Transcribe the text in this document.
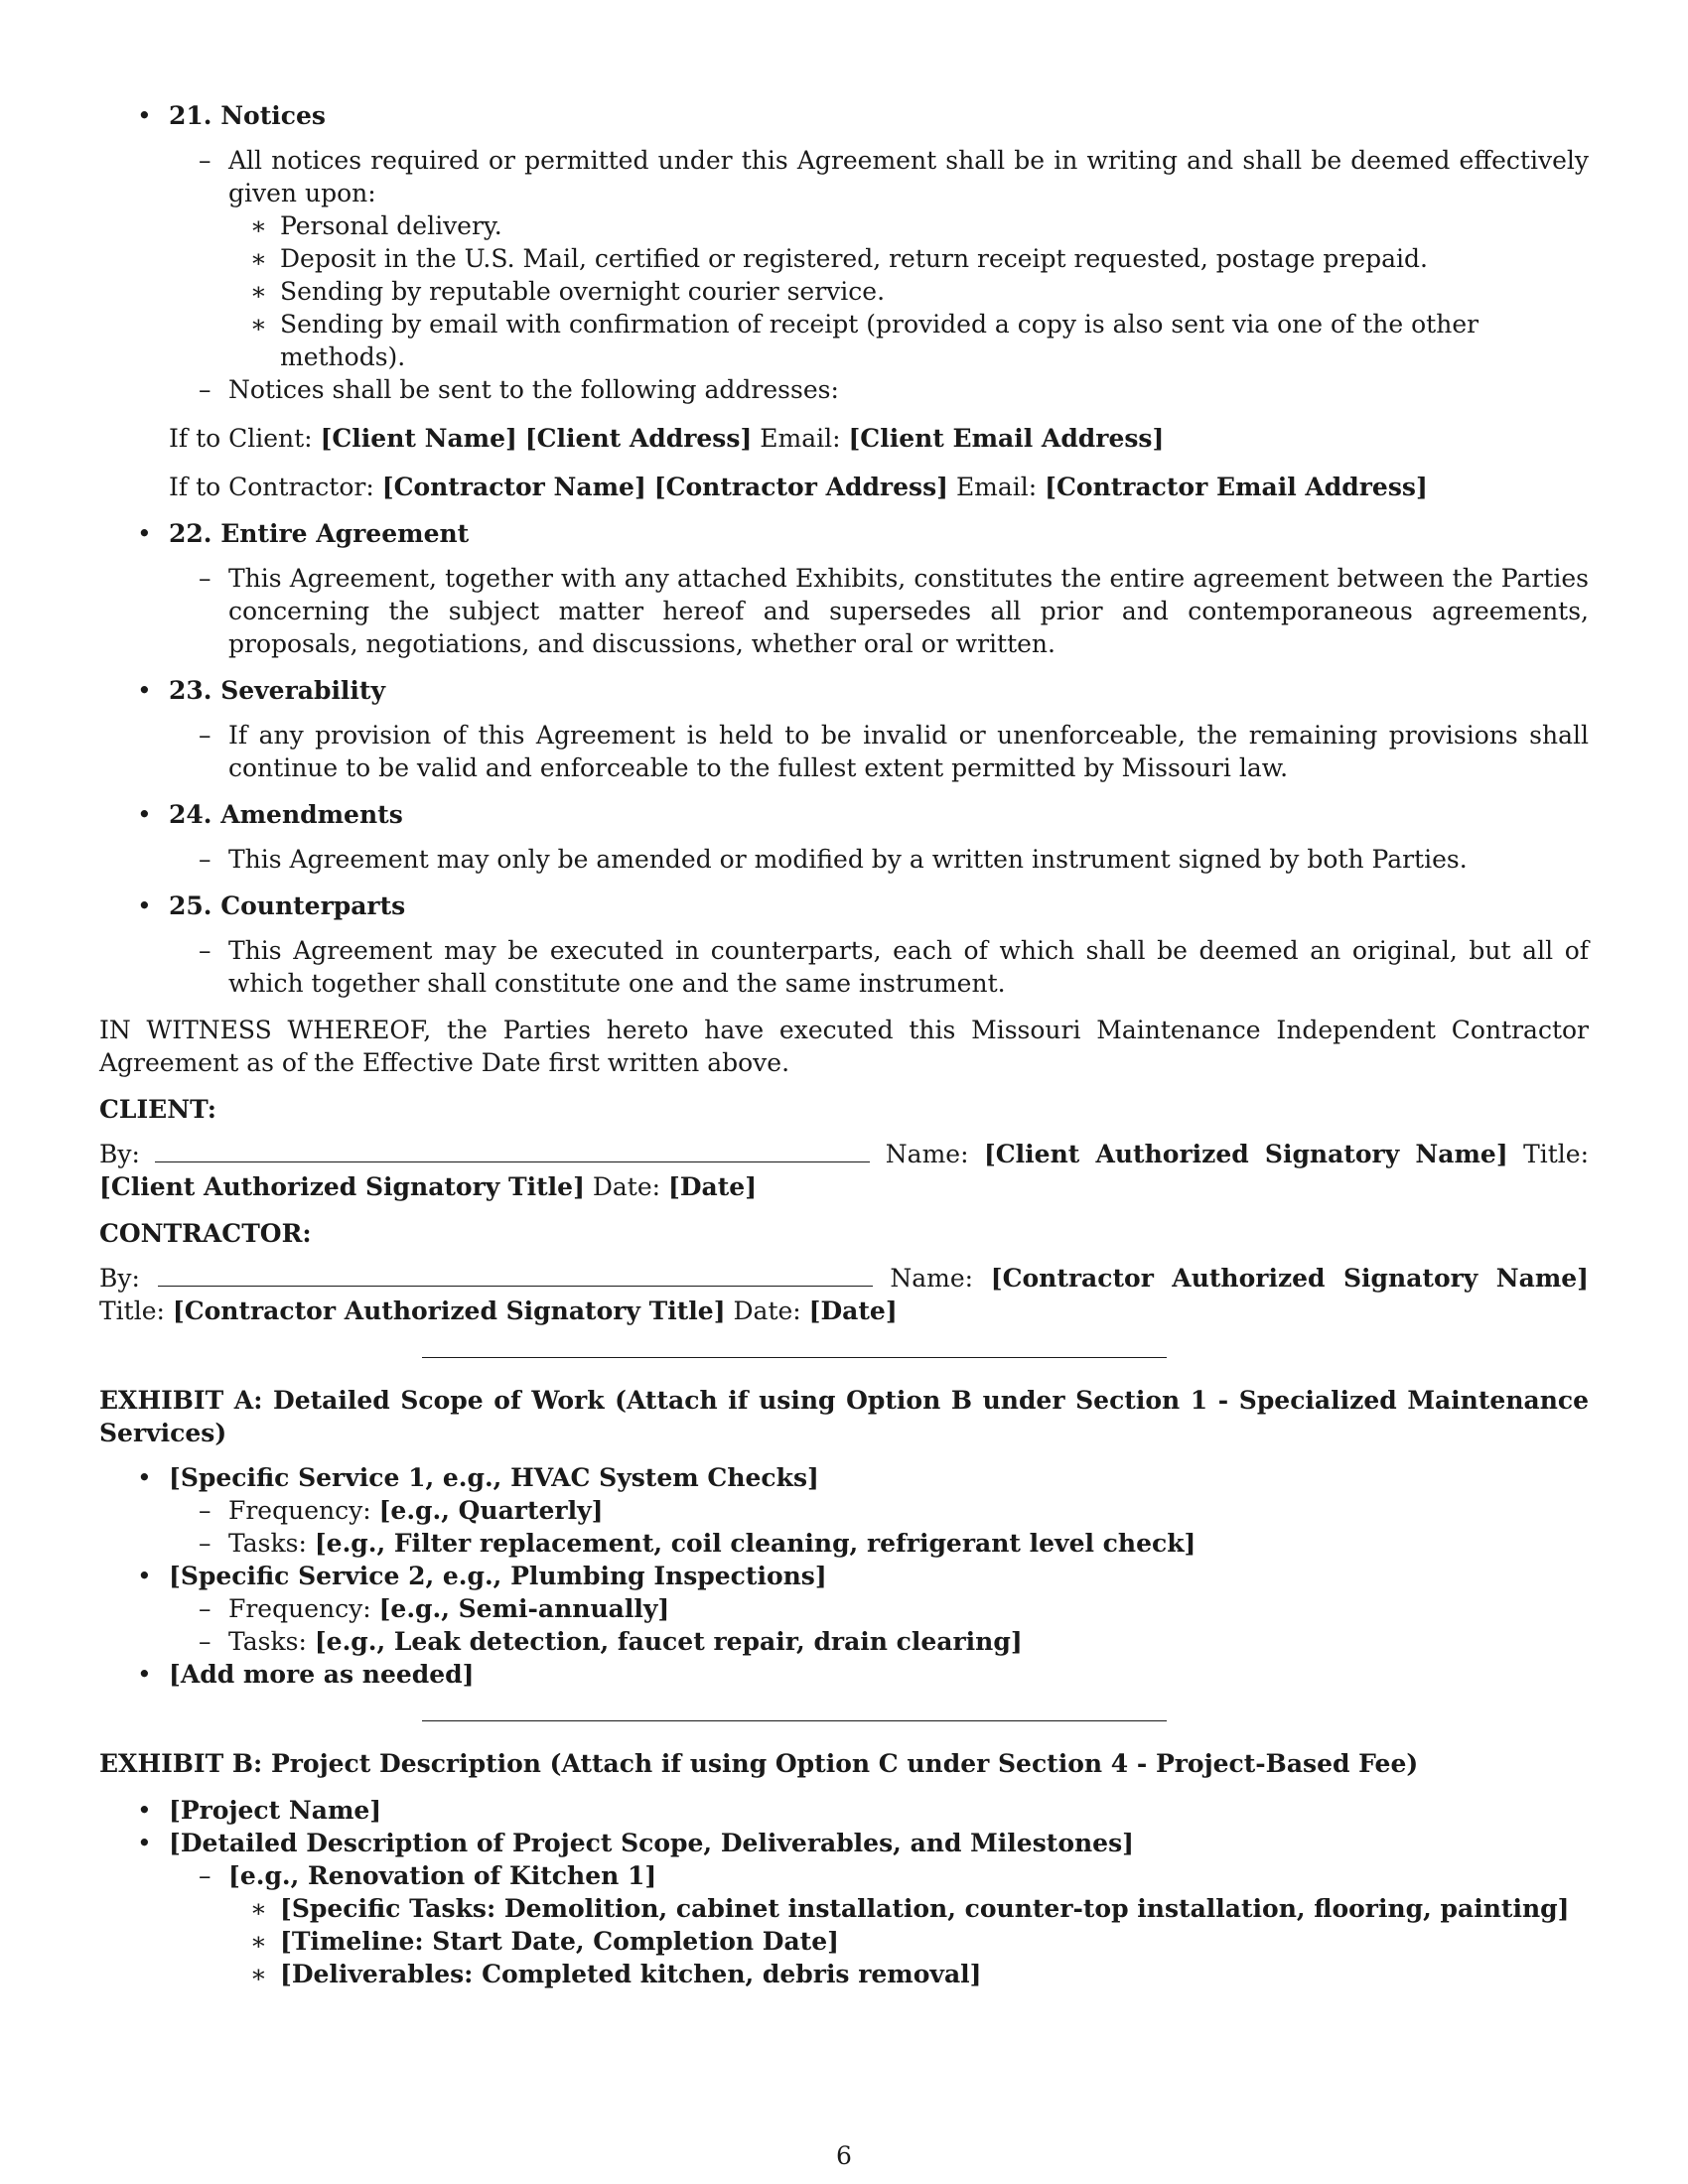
• 21. Notices
– All notices required or permitted under this Agreement shall be in writing and shall be deemed effectively given upon:
∗ Personal delivery.
∗ Deposit in the U.S. Mail, certified or registered, return receipt requested, postage prepaid.
∗ Sending by reputable overnight courier service.
∗ Sending by email with confirmation of receipt (provided a copy is also sent via one of the other methods).
– Notices shall be sent to the following addresses:
If to Client: [Client Name] [Client Address] Email: [Client Email Address]
If to Contractor: [Contractor Name] [Contractor Address] Email: [Contractor Email Address]
• 22. Entire Agreement
– This Agreement, together with any attached Exhibits, constitutes the entire agreement between the Parties concerning the subject matter hereof and supersedes all prior and contemporaneous agreements, proposals, negotiations, and discussions, whether oral or written.
• 23. Severability
– If any provision of this Agreement is held to be invalid or unenforceable, the remaining provisions shall continue to be valid and enforceable to the fullest extent permitted by Missouri law.
• 24. Amendments
– This Agreement may only be amended or modified by a written instrument signed by both Parties.
• 25. Counterparts
– This Agreement may be executed in counterparts, each of which shall be deemed an original, but all of which together shall constitute one and the same instrument.
IN WITNESS WHEREOF, the Parties hereto have executed this Missouri Maintenance Independent Contractor Agreement as of the Effective Date first written above.
CLIENT:
By:	Name: [Client Authorized Signatory Name] Title: [Client Authorized Signatory Title] Date: [Date]
CONTRACTOR:
By:	Name: [Contractor Authorized Signatory Name] Title: [Contractor Authorized Signatory Title] Date: [Date]
EXHIBIT A: Detailed Scope of Work (Attach if using Option B under Section 1 - Specialized Maintenance Services)
• [Specific Service 1, e.g., HVAC System Checks]
– Frequency: [e.g., Quarterly]
– Tasks: [e.g., Filter replacement, coil cleaning, refrigerant level check]
• [Specific Service 2, e.g., Plumbing Inspections]
– Frequency: [e.g., Semi-annually]
– Tasks: [e.g., Leak detection, faucet repair, drain clearing]
• [Add more as needed]
EXHIBIT B: Project Description (Attach if using Option C under Section 4 - Project-Based Fee)
• [Project Name]
• [Detailed Description of Project Scope, Deliverables, and Milestones]
– [e.g., Renovation of Kitchen 1]
∗ [Specific Tasks: Demolition, cabinet installation, counter-top installation, flooring, painting]
∗ [Timeline: Start Date, Completion Date]
∗ [Deliverables: Completed kitchen, debris removal]
6
